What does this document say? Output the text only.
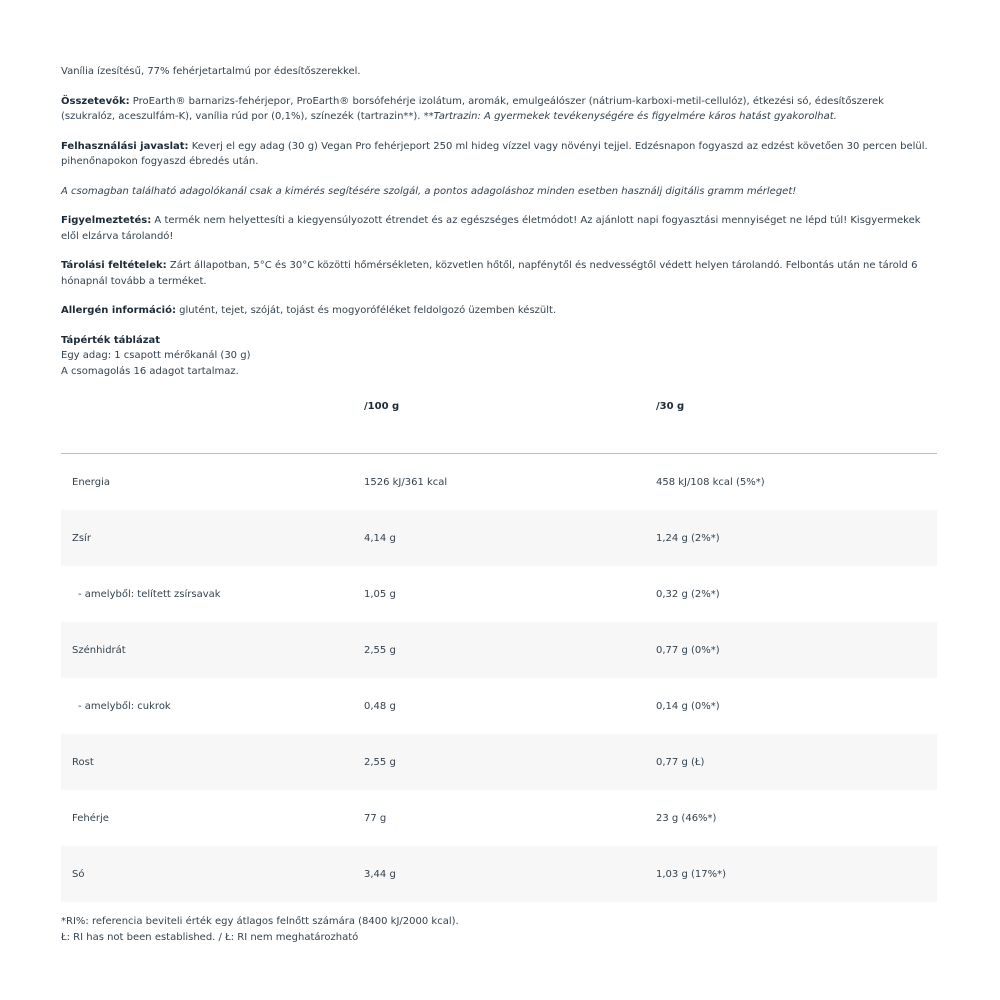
Vanília ízesítésű, 77% fehérjetartalmú por édesítőszerekkel.

Összetevők: ProEarth® barnarizs-fehérjepor, ProEarth® borsófehérje izolátum, aromák, emulgeálószer (nátrium-karboxi-metil-cellulóz), étkezési só, édesítőszerek (szukralóz, aceszulfám-K), vanília rúd por (0,1%), színezék (tartrazin**). **Tartrazin: A gyermekek tevékenységére és figyelmére káros hatást gyakorolhat.

Felhasználási javaslat: Keverj el egy adag (30 g) Vegan Pro fehérjeport 250 ml hideg vízzel vagy növényi tejjel. Edzésnapon fogyaszd az edzést követően 30 percen belül. pihenőnapokon fogyaszd ébredés után.

A csomagban található adagolókanál csak a kimérés segítésére szolgál, a pontos adagoláshoz minden esetben használj digitális gramm mérleget!

Figyelmeztetés: A termék nem helyettesíti a kiegyensúlyozott étrendet és az egészséges életmódot! Az ajánlott napi fogyasztási mennyiséget ne lépd túl! Kisgyermekek elől elzárva tárolandó!

Tárolási feltételek: Zárt állapotban, 5°C és 30°C közötti hőmérsékleten, közvetlen hőtől, napfénytől és nedvességtől védett helyen tárolandó. Felbontás után ne tárold 6 hónapnál tovább a terméket.

Allergén információ: glutént, tejet, szóját, tojást és mogyoróféléket feldolgozó üzemben készült.

Tápérték táblázat

Egy adag: 1 csapott mérőkanál (30 g)

A csomagolás 16 adagot tartalmaz.

	/100 g	/30 g
Energia	1526 kJ/361 kcal	458 kJ/108 kcal (5%*)
Zsír	4,14 g	1,24 g (2%*)
- amelyből: telített zsírsavak	1,05 g	0,32 g (2%*)
Szénhidrát	2,55 g	0,77 g (0%*)
- amelyből: cukrok	0,48 g	0,14 g (0%*)
Rost	2,55 g	0,77 g (Ł)
Fehérje	77 g	23 g (46%*)
Só	3,44 g	1,03 g (17%*)

*RI%: referencia beviteli érték egy átlagos felnőtt számára (8400 kJ/2000 kcal).

Ł: RI has not been established. / Ł: RI nem meghatározható
